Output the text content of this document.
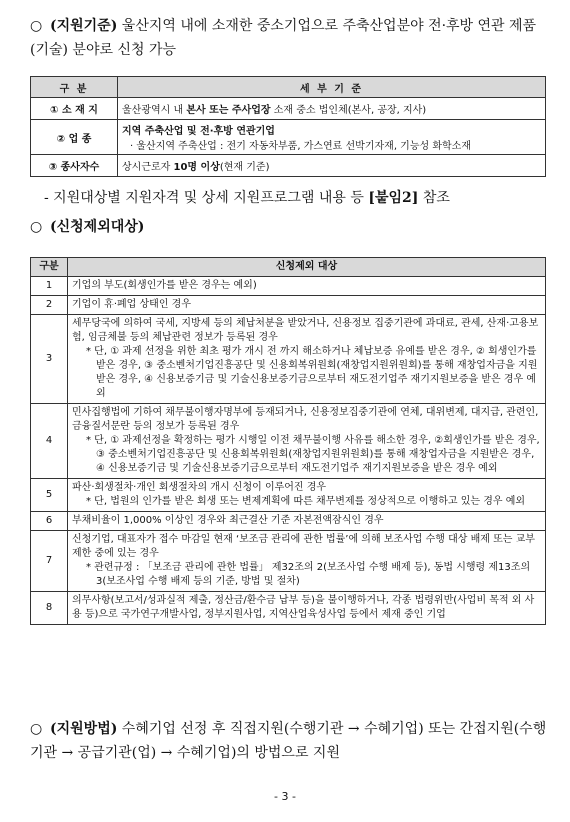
○ (지원기준) 울산지역 내에 소재한 중소기업으로 주축산업분야 전·후방 연관 제품(기술) 분야로 신청 가능
구 분	세 부 기 준
① 소 재 지	울산광역시 내 본사 또는 주사업장 소재 중소 법인체(본사, 공장, 지사)
② 업 종	지역 주축산업 및 전·후방 연관기업
· 울산지역 주축산업 : 전기 자동차부품, 가스연료 선박기자재, 기능성 화학소재

③ 종사자수	상시근로자 10명 이상(현재 기준)
- 지원대상별 지원자격 및 상세 지원프로그램 내용 등 [붙임2] 참조
○ (신청제외대상)
구분	신청제외 대상
1	기업의 부도(회생인가를 받은 경우는 예외)
2	기업이 휴·폐업 상태인 경우
3	세무당국에 의하여 국세, 지방세 등의 체납처분을 받았거나, 신용정보 집중기관에 과대료, 관세, 산재·고용보험, 임금체불 등의 체납관련 정보가 등록된 경우
* 단, ① 과제 선정을 위한 최초 평가 개시 전 까지 해소하거나 체납보증 유예를 받은 경우, ② 회생인가를 받은 경우, ③ 중소벤처기업진흥공단 및 신용회복위원회(재창업지원위원회)를 통해 재창업자금을 지원받은 경우, ④ 신용보증기금 및 기술신용보증기금으로부터 재도전기업주 재기지원보증을 받은 경우 예외

4	민사집행법에 기하여 채무불이행자명부에 등재되거나, 신용정보집중기관에 연체, 대위변제, 대지급, 관련인, 금융질서문란 등의 정보가 등록된 경우
* 단, ① 과제선정을 확정하는 평가 시행일 이전 채무불이행 사유를 해소한 경우, ②회생인가를 받은 경우, ③ 중소벤처기업진흥공단 및 신용회복위원회(재창업지원위원회)를 통해 재창업자금을 지원받은 경우, ④ 신용보증기금 및 기술신용보증기금으로부터 재도전기업주 재기지원보증을 받은 경우 예외

5	파산·회생절차·개인 회생절차의 개시 신청이 이루어진 경우
* 단, 법원의 인가를 받은 회생 또는 변제계획에 따른 채무변제를 정상적으로 이행하고 있는 경우 예외

6	부채비율이 1,000% 이상인 경우와 최근결산 기준 자본전액잠식인 경우
7	신청기업, 대표자가 접수 마감일 현재 ‘보조금 관리에 관한 법률’에 의해 보조사업 수행 대상 배제 또는 교부 제한 중에 있는 경우
* 관련규정 : 「보조금 관리에 관한 법률」 제32조의 2(보조사업 수행 배제 등), 동법 시행령 제13조의3(보조사업 수행 배제 등의 기준, 방법 및 절차)

8	의무사항(보고서/성과실적 제출, 정산금/환수금 납부 등)을 불이행하거나, 각종 법령위반(사업비 목적 외 사용 등)으로 국가연구개발사업, 정부지원사업, 지역산업육성사업 등에서 제재 중인 기업
○ (지원방법) 수혜기업 선정 후 직접지원(수행기관 → 수혜기업) 또는 간접지원(수행기관 → 공급기관(업) → 수혜기업)의 방법으로 지원
- 3 -
